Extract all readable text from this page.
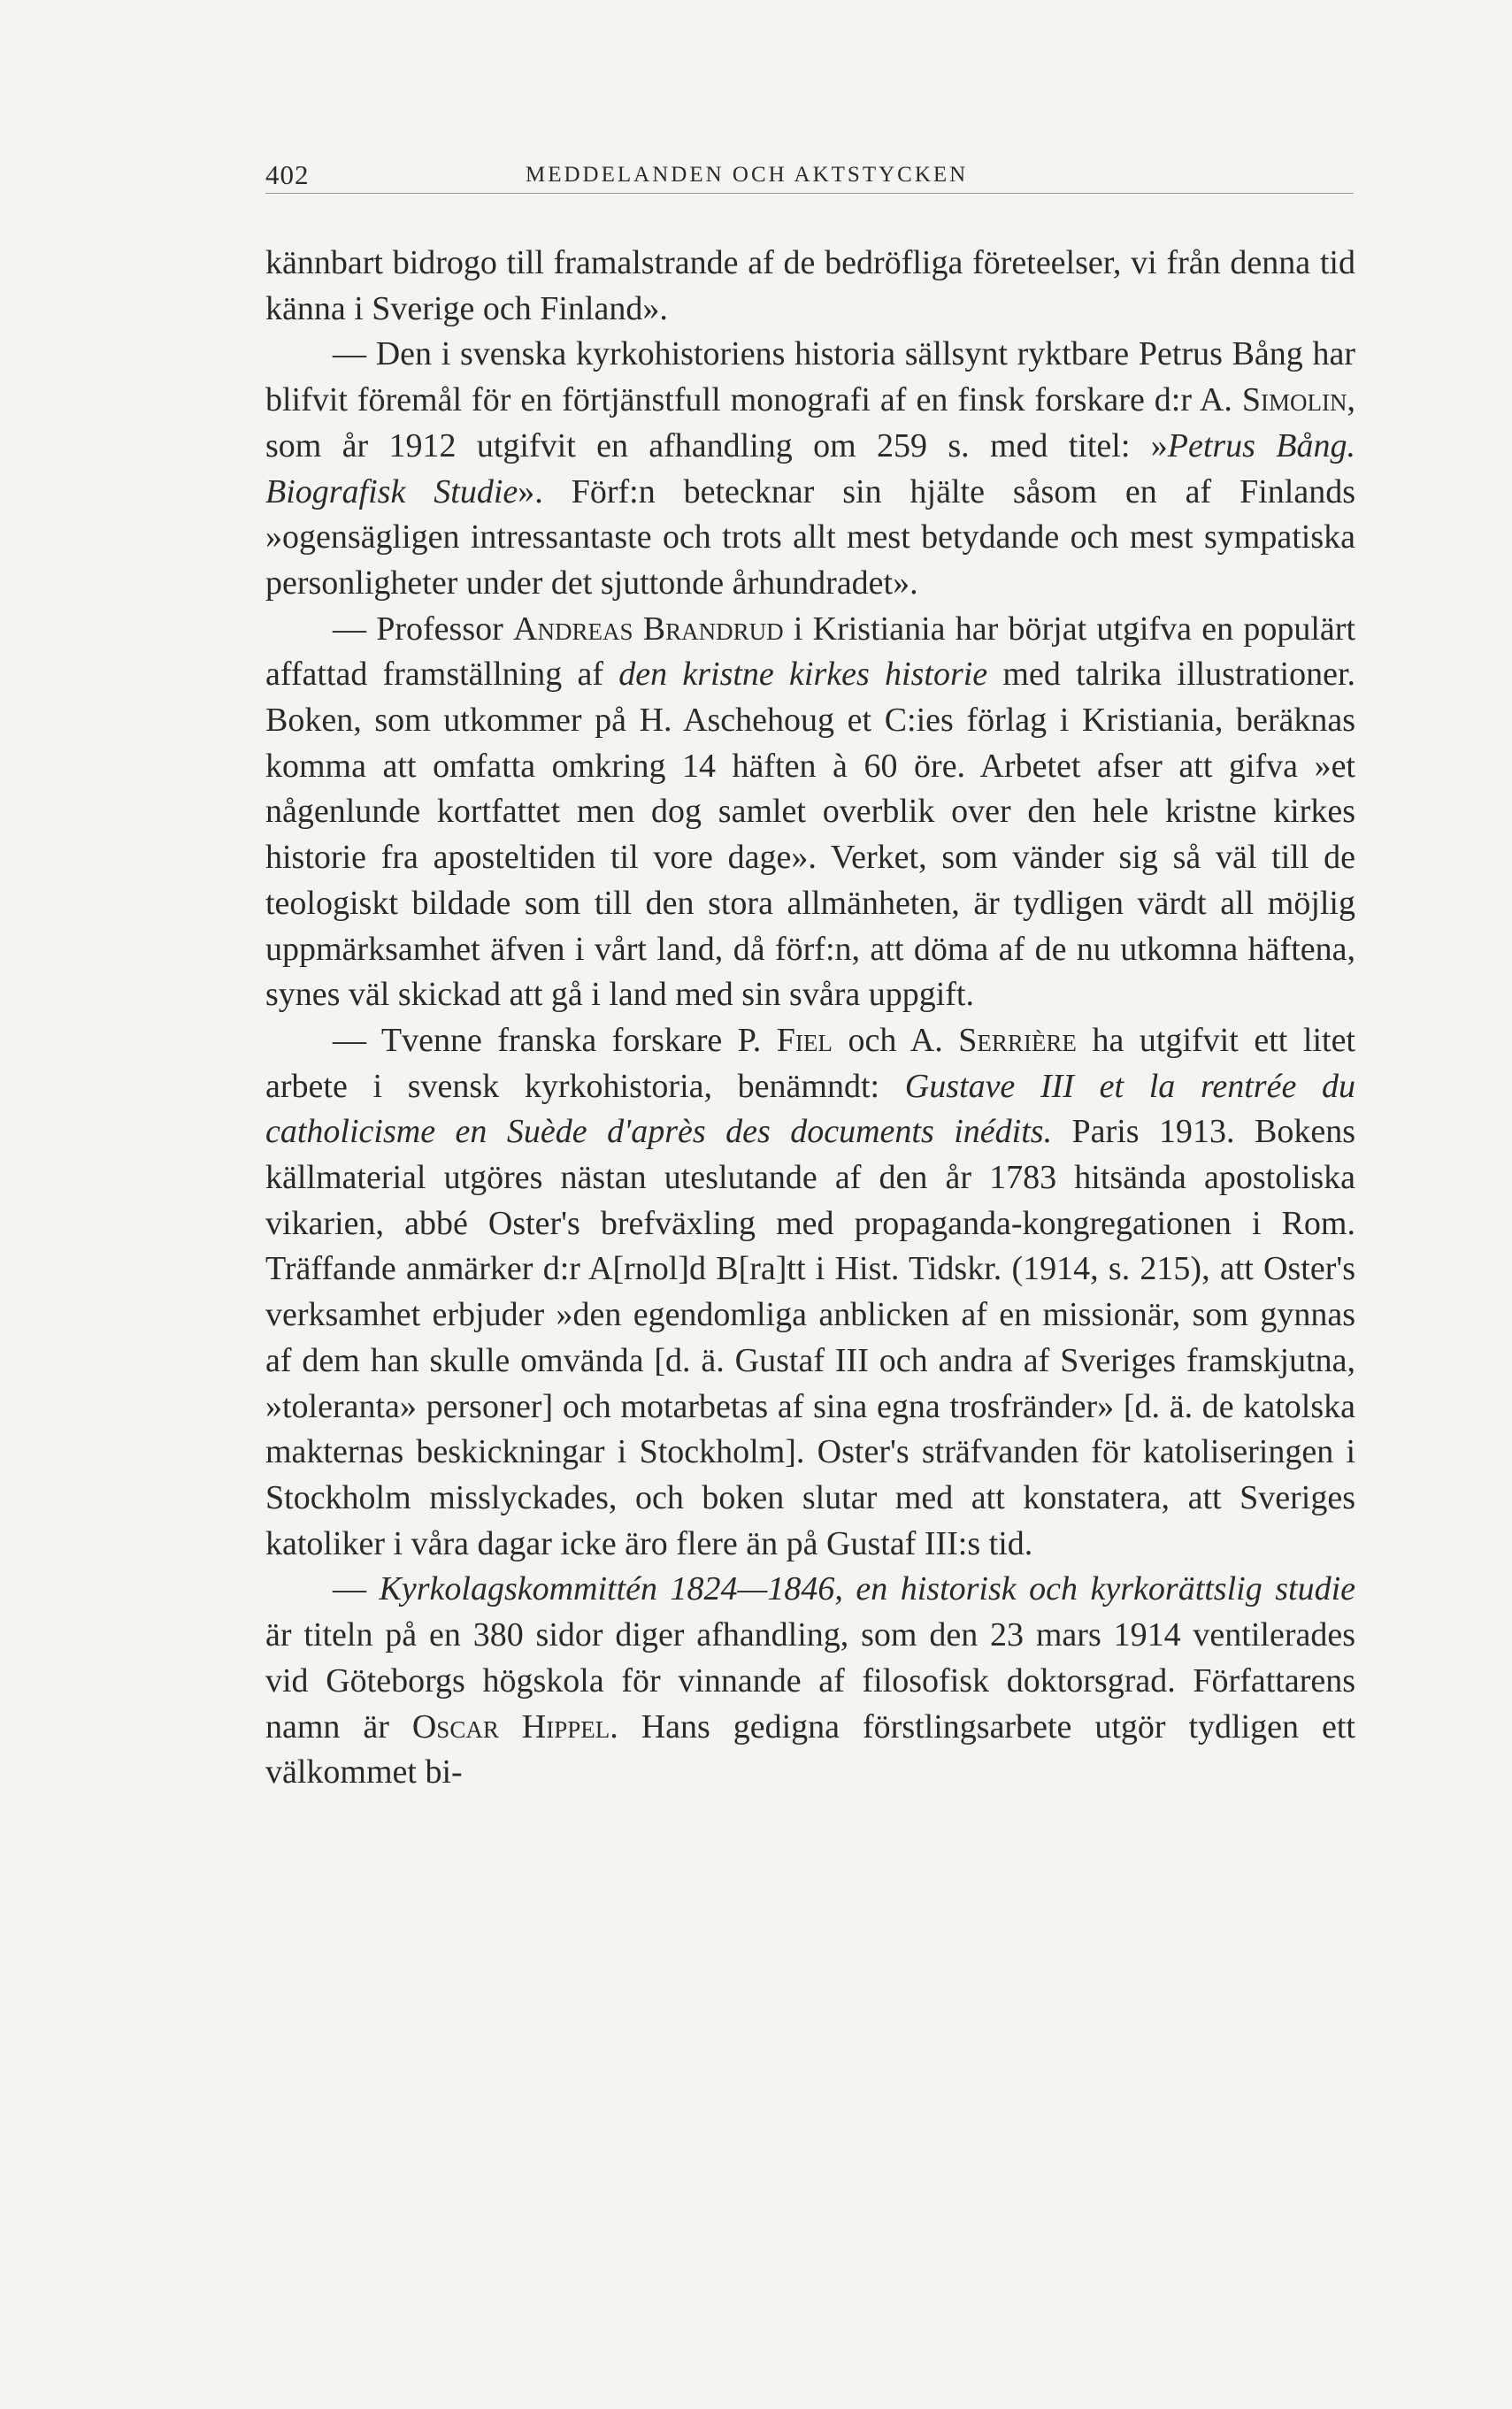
402	MEDDELANDEN OCH AKTSTYCKEN

kännbart bidrogo till framalstrande af de bedröfliga företeelser, vi från denna tid känna i Sverige och Finland».

— Den i svenska kyrkohistoriens historia sällsynt ryktbare Petrus Bång har blifvit föremål för en förtjänstfull monografi af en finsk forskare d:r A. Simolin, som år 1912 utgifvit en afhandling om 259 s. med titel: »Petrus Bång. Biografisk Studie». Förf:n betecknar sin hjälte såsom en af Finlands »ogensägligen intressantaste och trots allt mest betydande och mest sympatiska personligheter under det sjuttonde århundradet».

— Professor Andreas Brandrud i Kristiania har börjat utgifva en populärt affattad framställning af den kristne kirkes historie med talrika illustrationer. Boken, som utkommer på H. Aschehoug et C:ies förlag i Kristiania, beräknas komma att omfatta omkring 14 häften à 60 öre. Arbetet afser att gifva »et någenlunde kortfattet men dog samlet overblik over den hele kristne kirkes historie fra aposteltiden til vore dage». Verket, som vänder sig så väl till de teologiskt bildade som till den stora allmänheten, är tydligen värdt all möjlig uppmärksamhet äfven i vårt land, då förf:n, att döma af de nu utkomna häftena, synes väl skickad att gå i land med sin svåra uppgift.

— Tvenne franska forskare P. Fiel och A. Serrière ha utgifvit ett litet arbete i svensk kyrkohistoria, benämndt: Gustave III et la rentrée du catholicisme en Suède d'après des documents inédits. Paris 1913. Bokens källmaterial utgöres nästan uteslutande af den år 1783 hitsända apostoliska vikarien, abbé Oster's brefväxling med propaganda-kongregationen i Rom. Träffande anmärker d:r A[rnol]d B[ra]tt i Hist. Tidskr. (1914, s. 215), att Oster's verksamhet erbjuder »den egendomliga anblicken af en missionär, som gynnas af dem han skulle omvända [d. ä. Gustaf III och andra af Sveriges framskjutna, »toleranta» personer] och motarbetas af sina egna trosfränder» [d. ä. de katolska makternas beskickningar i Stockholm]. Oster's sträfvanden för katoliseringen i Stockholm misslyckades, och boken slutar med att konstatera, att Sveriges katoliker i våra dagar icke äro flere än på Gustaf III:s tid.

— Kyrkolagskommittén 1824—1846, en historisk och kyrkorättslig studie är titeln på en 380 sidor diger afhandling, som den 23 mars 1914 ventilerades vid Göteborgs högskola för vinnande af filosofisk doktorsgrad. Författarens namn är Oscar Hippel. Hans gedigna förstlingsarbete utgör tydligen ett välkommet bi-
